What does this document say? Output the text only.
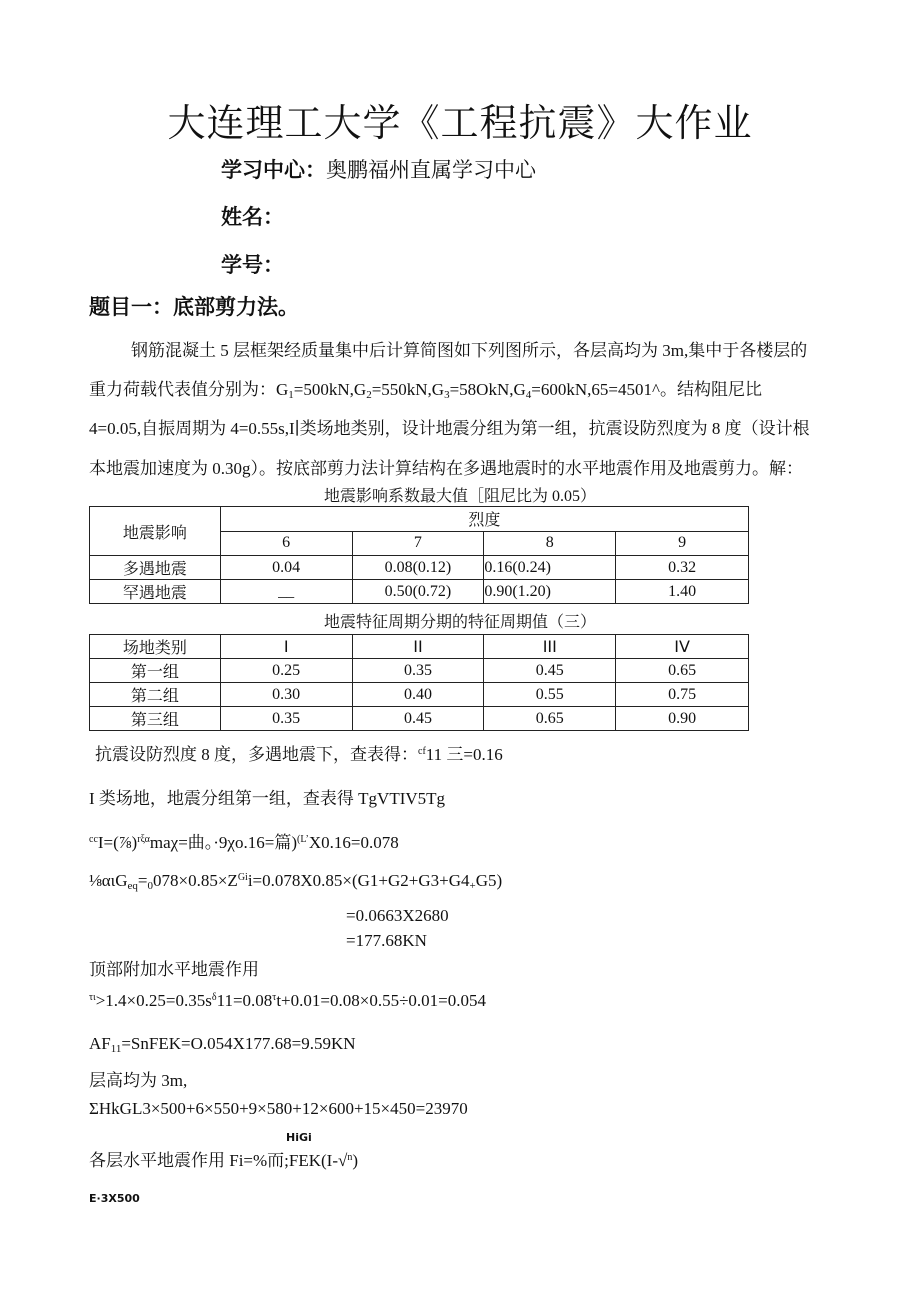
大连理工大学《工程抗震》大作业
学习中心：奥鹏福州直属学习中心
姓名：
学号：
题目一：底部剪力法。
钢筋混凝土 5 层框架经质量集中后计算简图如下列图所示，各层高均为 3m,集中于各楼层的
重力荷载代表值分别为：$G_1=500kN,G_2=550kN,G_3=58OkN,G_4=600kN,65=4501\^{}$。结构阻尼比
4=0.05,自振周期为 4=0.55s,I∣类场地类别，设计地震分组为第一组，抗震设防烈度为 8 度（设计根
本地震加速度为 0.30g）。按底部剪力法计算结构在多遇地震时的水平地震作用及地震剪力。解：
地震影响系数最大值［阻尼比为 0.05）
地震影响	烈度			
	6	7	8	9
多遇地震	0.04	0.08(0.12)	0.16(0.24)	0.32
罕遇地震	__	0.50(0.72)	0.90(1.20)	1.40
地震特征周期分期的特征周期值（三）
场地类别	I	II	III	IV
第一组	0.25	0.35	0.45	0.65
第二组	0.30	0.40	0.55	0.75
第三组	0.35	0.45	0.65	0.90
抗震设防烈度 8 度，多遇地震下，查表得：$^{cf}$11 三=0.16
I 类场地，地震分组第一组，查表得 TgVTIV5Tg
$^{cc}$I=(⅞)$^{r\xi\alpha}$maχ=曲。·9χo.16=篇)$^{(L’}$X0.16=0.078
$\frac{1}{8}\alpha\iota G_{eq}=_0078\times 0.85\times Z^{Gi}i=0.078X0.85\times(G1+G2+G3+G4_+G5)$
=0.0663X2680
=177.68KN
顶部附加水平地震作用
$^{\tau\iota}>1.4\times 0.25=0.35s^\delta 11=0.08^\tau t+0.01=0.08\times 0.55\div 0.01=0.054$
$AF_{11}=SnFEK=O.054X177.68=9.59KN$
层高均为 3m,
ΣHkGL3×500+6×550+9×580+12×600+15×450=23970
HiGi
各层水平地震作用 Fi=%而;FEK(I-√$^n$)
E·3X500
